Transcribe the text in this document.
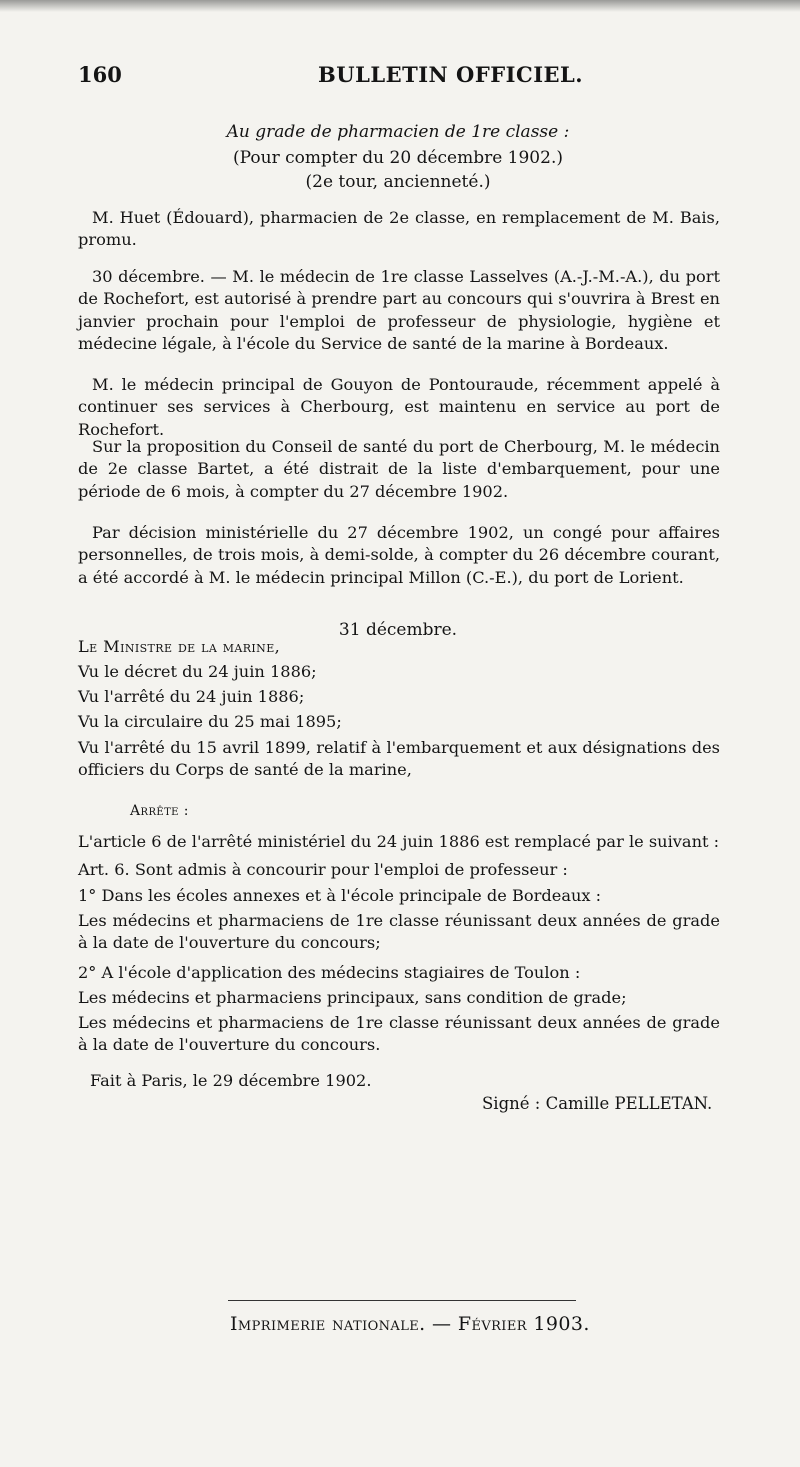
160	BULLETIN OFFICIEL.
Au grade de pharmacien de 1re classe :
(Pour compter du 20 décembre 1902.)
(2e tour, ancienneté.)
M. Huet (Édouard), pharmacien de 2e classe, en remplacement de M. Bais, promu.
30 décembre. — M. le médecin de 1re classe Lasselves (A.-J.-M.-A.), du port de Rochefort, est autorisé à prendre part au concours qui s'ouvrira à Brest en janvier prochain pour l'emploi de professeur de physiologie, hygiène et médecine légale, à l'école du Service de santé de la marine à Bordeaux.
M. le médecin principal de Gouyon de Pontouraude, récemment appelé à continuer ses services à Cherbourg, est maintenu en service au port de Rochefort.
Sur la proposition du Conseil de santé du port de Cherbourg, M. le médecin de 2e classe Bartet, a été distrait de la liste d'embarquement, pour une période de 6 mois, à compter du 27 décembre 1902.
Par décision ministérielle du 27 décembre 1902, un congé pour affaires personnelles, de trois mois, à demi-solde, à compter du 26 décembre courant, a été accordé à M. le médecin principal Millon (C.-E.), du port de Lorient.
31 décembre.
Le Ministre de la marine,
Vu le décret du 24 juin 1886;
Vu l'arrêté du 24 juin 1886;
Vu la circulaire du 25 mai 1895;
Vu l'arrêté du 15 avril 1899, relatif à l'embarquement et aux désignations des officiers du Corps de santé de la marine,
Arrête :
L'article 6 de l'arrêté ministériel du 24 juin 1886 est remplacé par le suivant :
Art. 6. Sont admis à concourir pour l'emploi de professeur :
1° Dans les écoles annexes et à l'école principale de Bordeaux :
Les médecins et pharmaciens de 1re classe réunissant deux années de grade à la date de l'ouverture du concours;
2° A l'école d'application des médecins stagiaires de Toulon :
Les médecins et pharmaciens principaux, sans condition de grade;
Les médecins et pharmaciens de 1re classe réunissant deux années de grade à la date de l'ouverture du concours.
Fait à Paris, le 29 décembre 1902.
Signé : Camille PELLETAN.
Imprimerie nationale. — Février 1903.
